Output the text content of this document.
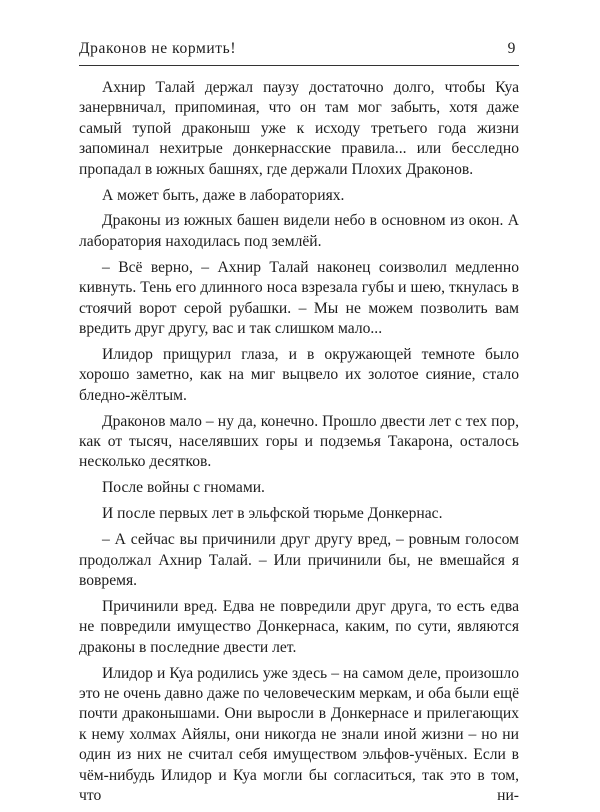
Драконов не кормить!	9

Ахнир Талай держал паузу достаточно долго, чтобы Куа занервничал, припоминая, что он там мог забыть, хотя даже самый тупой драконыш уже к исходу третьего года жизни запоминал нехитрые донкернасские правила... или бесследно пропадал в южных башнях, где держали Плохих Драконов.

А может быть, даже в лабораториях.

Драконы из южных башен видели небо в основном из окон. А лаборатория находилась под землёй.

– Всё верно, – Ахнир Талай наконец соизволил медленно кивнуть. Тень его длинного носа взрезала губы и шею, ткнулась в стоячий ворот серой рубашки. – Мы не можем позволить вам вредить друг другу, вас и так слишком мало...

Илидор прищурил глаза, и в окружающей темноте было хорошо заметно, как на миг выцвело их золотое сияние, стало бледно-жёлтым.

Драконов мало – ну да, конечно. Прошло двести лет с тех пор, как от тысяч, населявших горы и подземья Такарона, осталось несколько десятков.

После войны с гномами.

И после первых лет в эльфской тюрьме Донкернас.

– А сейчас вы причинили друг другу вред, – ровным голосом продолжал Ахнир Талай. – Или причинили бы, не вмешайся я вовремя.

Причинили вред. Едва не повредили друг друга, то есть едва не повредили имущество Донкернаса, каким, по сути, являются драконы в последние двести лет.

Илидор и Куа родились уже здесь – на самом деле, произошло это не очень давно даже по человеческим меркам, и оба были ещё почти драконышами. Они выросли в Донкернасе и прилегающих к нему холмах Айялы, они никогда не знали иной жизни – но ни один из них не считал себя имуществом эльфов-учёных. Если в чём-нибудь Илидор и Куа могли бы согласиться, так это в том, что ни-
